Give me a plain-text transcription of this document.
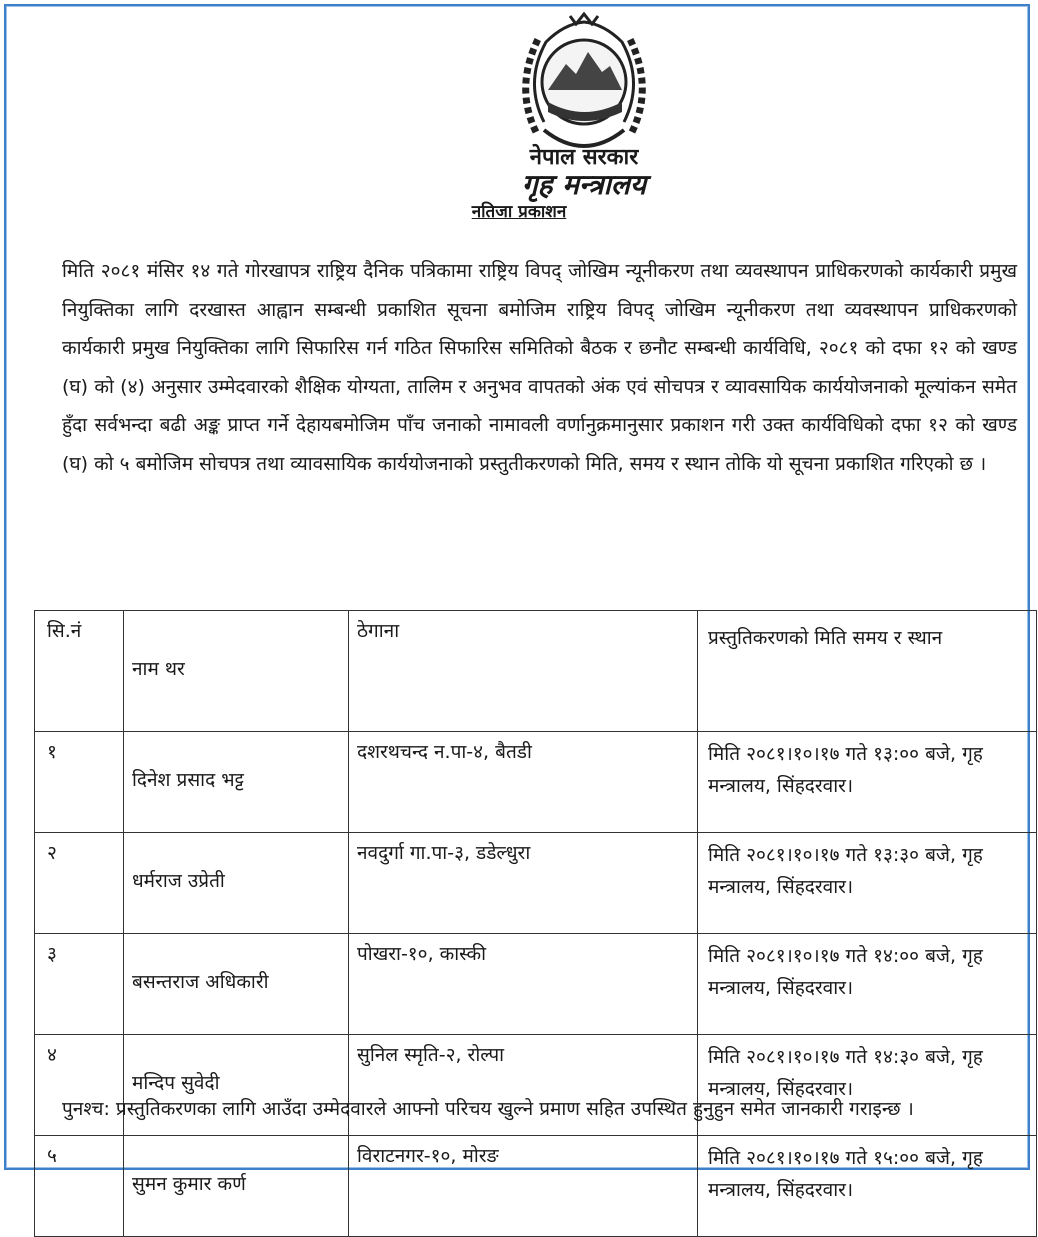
नेपाल सरकार
गृह मन्त्रालय
नतिजा प्रकाशन
मिति २०८१ मंसिर १४ गते गोरखापत्र राष्ट्रिय दैनिक पत्रिकामा राष्ट्रिय विपद् जोखिम न्यूनीकरण तथा व्यवस्थापन प्राधिकरणको कार्यकारी प्रमुख नियुक्तिका लागि दरखास्त आह्वान सम्बन्धी प्रकाशित सूचना बमोजिम राष्ट्रिय विपद् जोखिम न्यूनीकरण तथा व्यवस्थापन प्राधिकरणको कार्यकारी प्रमुख नियुक्तिका लागि सिफारिस गर्न गठित सिफारिस समितिको बैठक र छनौट सम्बन्धी कार्यविधि, २०८१ को दफा १२ को खण्ड (घ) को (४) अनुसार उम्मेदवारको शैक्षिक योग्यता, तालिम र अनुभव वापतको अंक एवं सोचपत्र र व्यावसायिक कार्ययोजनाको मूल्यांकन समेत हुँदा सर्वभन्दा बढी अङ्क प्राप्त गर्ने देहायबमोजिम पाँच जनाको नामावली वर्णानुक्रमानुसार प्रकाशन गरी उक्त कार्यविधिको दफा १२ को खण्ड (घ) को ५ बमोजिम सोचपत्र तथा व्यावसायिक कार्ययोजनाको प्रस्तुतीकरणको मिति, समय र स्थान तोकि यो सूचना प्रकाशित गरिएको छ ।
सि.नं	नाम थर	ठेगाना	प्रस्तुतिकरणको मिति समय र स्थान
१	दिनेश प्रसाद भट्ट	दशरथचन्द न.पा-४, बैतडी	मिति २०८१।१०।१७ गते १३:०० बजे, गृह मन्त्रालय, सिंहदरवार।
२	धर्मराज उप्रेती	नवदुर्गा गा.पा-३, डडेल्धुरा	मिति २०८१।१०।१७ गते १३:३० बजे, गृह मन्त्रालय, सिंहदरवार।
३	बसन्तराज अधिकारी	पोखरा-१०, कास्की	मिति २०८१।१०।१७ गते १४:०० बजे, गृह मन्त्रालय, सिंहदरवार।
४	मन्दिप सुवेदी	सुनिल स्मृति-२, रोल्पा	मिति २०८१।१०।१७ गते १४:३० बजे, गृह मन्त्रालय, सिंहदरवार।
५	सुमन कुमार कर्ण	विराटनगर-१०, मोरङ	मिति २०८१।१०।१७ गते १५:०० बजे, गृह मन्त्रालय, सिंहदरवार।
पुनश्च: प्रस्तुतिकरणका लागि आउँदा उम्मेदवारले आफ्नो परिचय खुल्ने प्रमाण सहित उपस्थित हुनुहुन समेत जानकारी गराइन्छ ।
